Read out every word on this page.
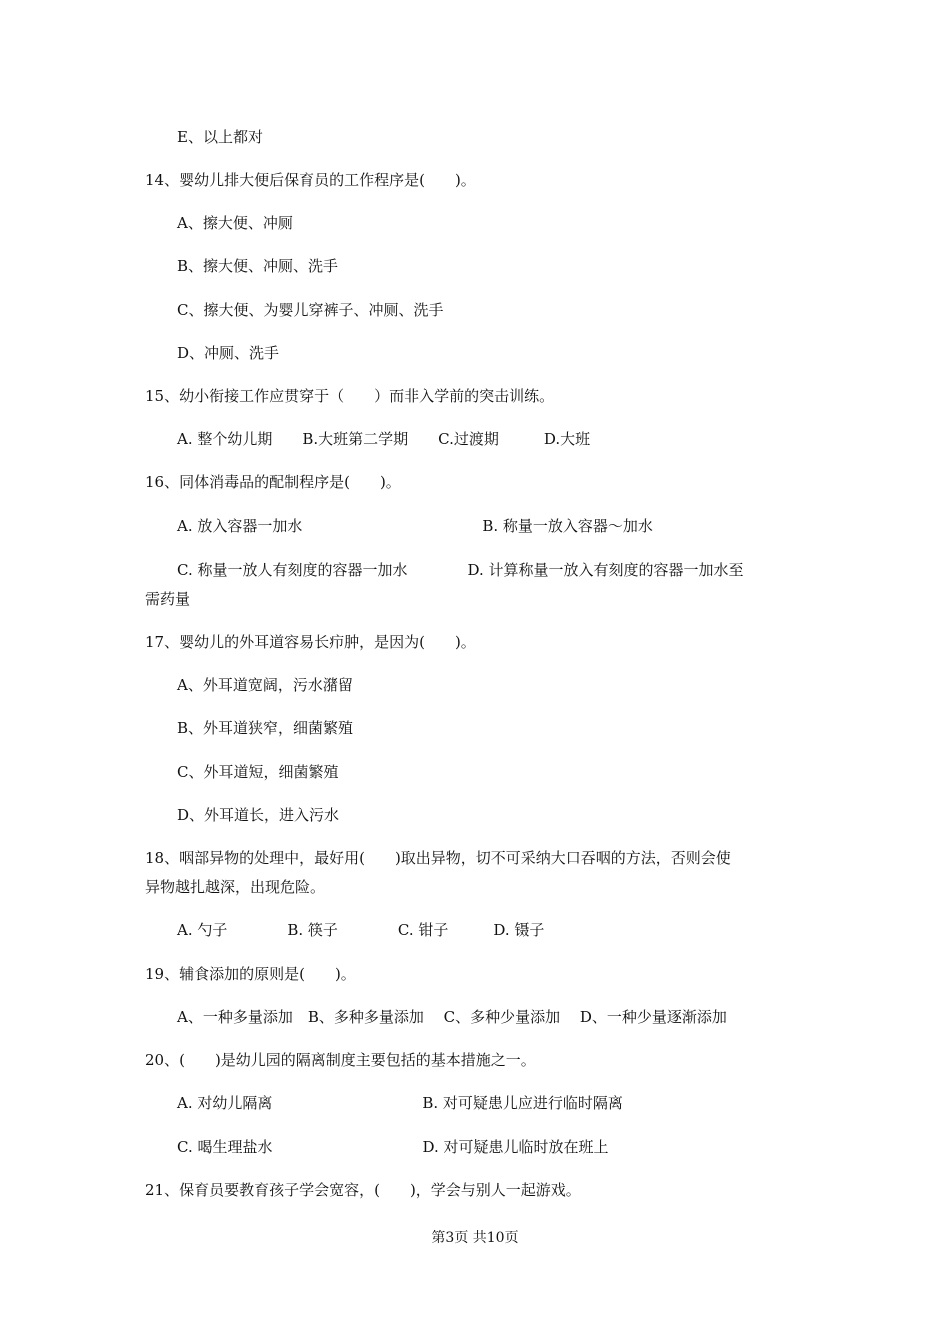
E、以上都对
14、婴幼儿排大便后保育员的工作程序是(　　)。
A、擦大便、冲厕
B、擦大便、冲厕、洗手
C、擦大便、为婴儿穿裤子、冲厕、洗手
D、冲厕、洗手
15、幼小衔接工作应贯穿于（　　）而非入学前的突击训练。
A. 整个幼儿期　　B.大班第二学期　　C.过渡期　　　D.大班
16、同体消毒品的配制程序是(　　)。
A. 放入容器一加水　　　　　　　　　　　　B. 称量一放入容器～加水
C. 称量一放人有刻度的容器一加水　　　　D. 计算称量一放入有刻度的容器一加水至
需药量
17、婴幼儿的外耳道容易长疖肿，是因为(　　)。
A、外耳道宽阔，污水潴留
B、外耳道狭窄，细菌繁殖
C、外耳道短，细菌繁殖
D、外耳道长，进入污水
18、咽部异物的处理中，最好用(　　)取出异物，切不可采纳大口吞咽的方法，否则会使
异物越扎越深，出现危险。
A. 勺子　　　　B. 筷子　　　　C. 钳子　　　D. 镊子
19、辅食添加的原则是(　　)。
A、一种多量添加　B、多种多量添加　 C、多种少量添加　 D、一种少量逐渐添加
20、(　　)是幼儿园的隔离制度主要包括的基本措施之一。
A. 对幼儿隔离　　　　　　　　　　B. 对可疑患儿应进行临时隔离
C. 喝生理盐水　　　　　　　　　　D. 对可疑患儿临时放在班上
21、保育员要教育孩子学会宽容，(　　)，学会与别人一起游戏。
第3页 共10页
